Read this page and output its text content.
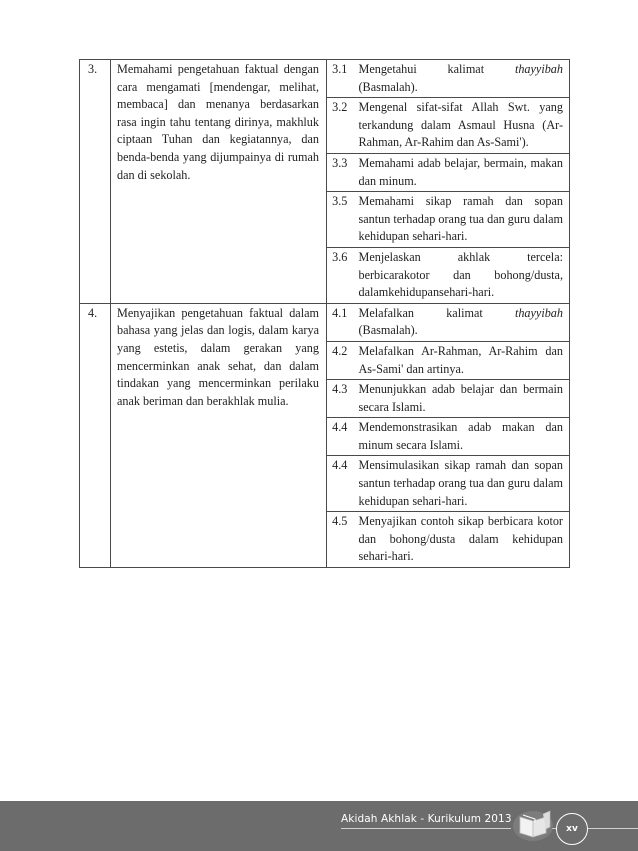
3.	Memahami pengetahuan faktual dengan cara mengamati [mendengar, melihat, membaca] dan menanya berdasarkan rasa ingin tahu tentang dirinya, makhluk ciptaan Tuhan dan kegiatannya, dan benda-benda yang dijumpainya di rumah dan di sekolah.	3.1	Mengetahui kalimat thayyibah (Basmalah).
		3.2	Mengenal sifat-sifat Allah Swt. yang terkandung dalam Asmaul Husna (Ar-Rahman, Ar-Rahim dan As-Sami').
		3.3	Memahami adab belajar, bermain, makan dan minum.
		3.5	Memahami sikap ramah dan sopan santun terhadap orang tua dan guru dalam kehidupan sehari-hari.
		3.6	Menjelaskan akhlak tercela: berbicarakotor dan bohong/dusta, dalamkehidupansehari-hari.
4.	Menyajikan pengetahuan faktual dalam bahasa yang jelas dan logis, dalam karya yang estetis, dalam gerakan yang mencerminkan anak sehat, dan dalam tindakan yang mencerminkan perilaku anak beriman dan berakhlak mulia.	4.1	Melafalkan kalimat thayyibah (Basmalah).
		4.2	Melafalkan Ar-Rahman, Ar-Rahim dan As-Sami' dan artinya.
		4.3	Menunjukkan adab belajar dan bermain secara Islami.
		4.4	Mendemonstrasikan adab makan dan minum secara Islami.
		4.4	Mensimulasikan sikap ramah dan sopan santun terhadap orang tua dan guru dalam kehidupan sehari-hari.
		4.5	Menyajikan contoh sikap berbicara kotor dan bohong/dusta dalam kehidupan sehari-hari.
Akidah Akhlak - Kurikulum 2013
xv
